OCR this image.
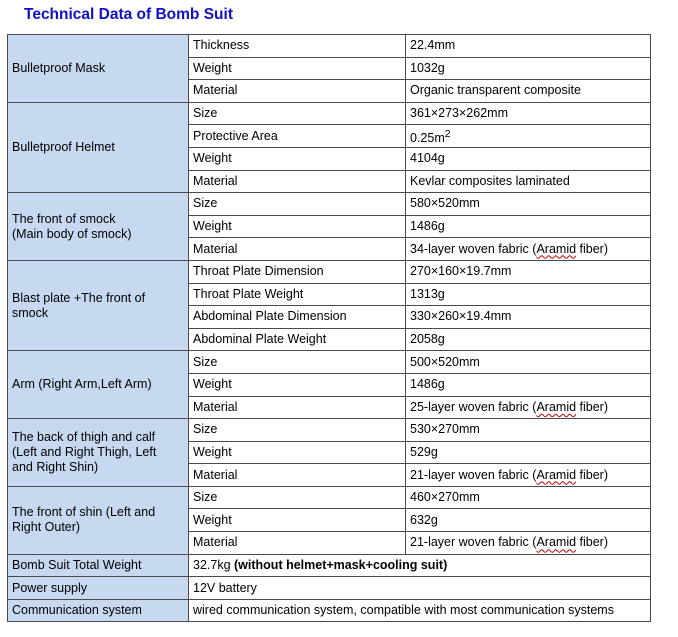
Technical Data of Bomb Suit
Bulletproof Mask	Thickness	22.4mm
	Weight	1032g
	Material	Organic transparent composite

Bulletproof Helmet	Size	361×273×262mm
	Protective Area	$0.25m^2$
	Weight	4104g
	Material	Kevlar composites laminated

The front of smock
(Main body of smock)	Size	580×520mm
	Weight	1486g
	Material	34-layer woven fabric (Aramid fiber)

Blast plate +The front of
smock	Throat Plate Dimension	270×160×19.7mm
	Throat Plate Weight	1313g
	Abdominal Plate Dimension	330×260×19.4mm
	Abdominal Plate Weight	2058g

Arm (Right Arm,Left Arm)	Size	500×520mm
	Weight	1486g
	Material	25-layer woven fabric (Aramid fiber)

The back of thigh and calf
(Left and Right Thigh, Left
and Right Shin)	Size	530×270mm
	Weight	529g
	Material	21-layer woven fabric (Aramid fiber)

The front of shin (Left and
Right Outer)	Size	460×270mm
	Weight	632g
	Material	21-layer woven fabric (Aramid fiber)
Bomb Suit Total Weight	32.7kg (without helmet+mask+cooling suit)	
Power supply	12V battery	
Communication system	wired communication system, compatible with most communication systems	
